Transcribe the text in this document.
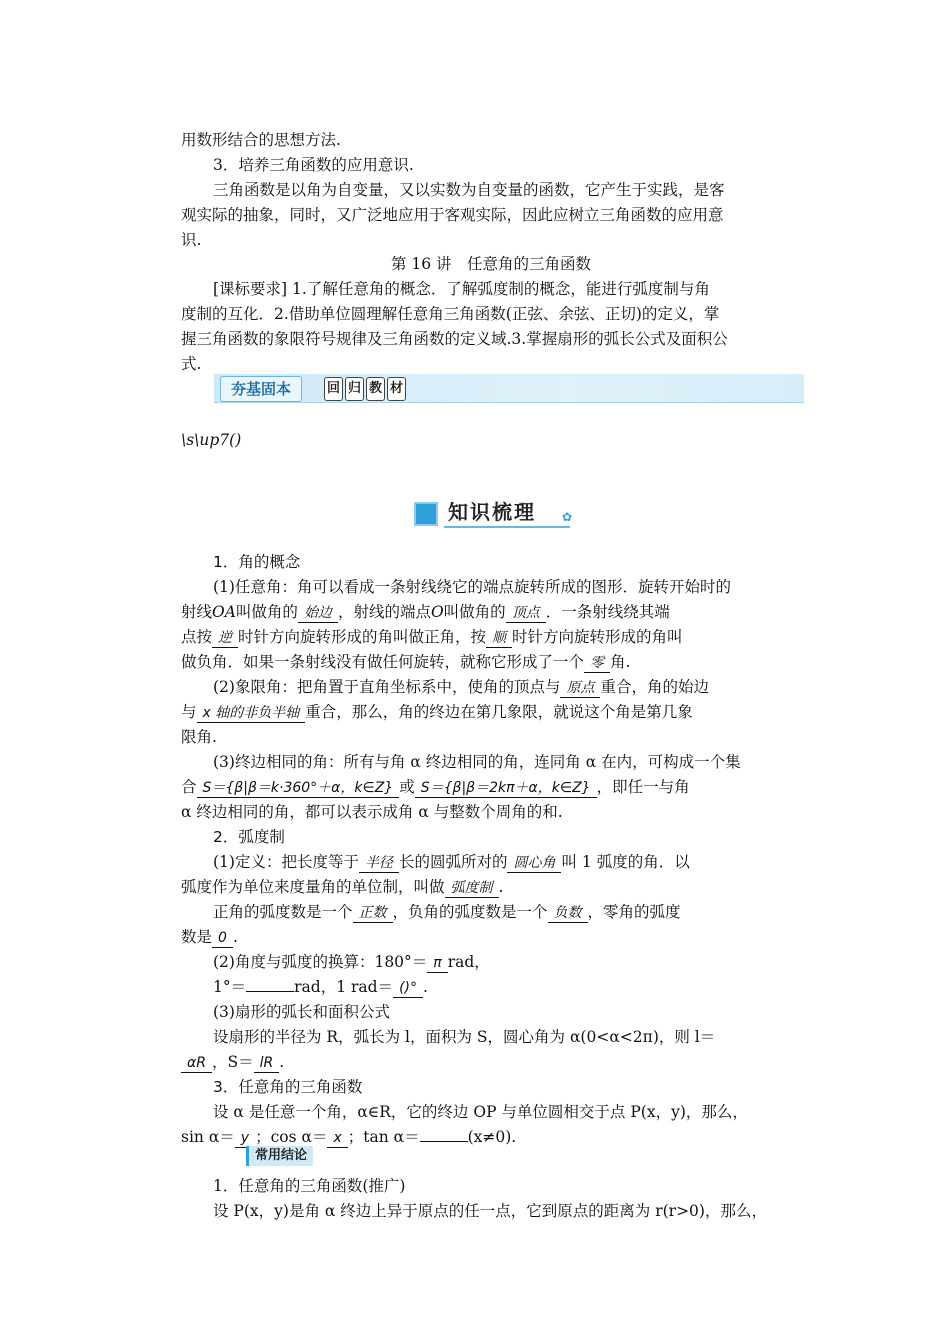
用数形结合的思想方法.
3．培养三角函数的应用意识.
三角函数是以角为自变量，又以实数为自变量的函数，它产生于实践，是客
观实际的抽象，同时，又广泛地应用于客观实际，因此应树立三角函数的应用意
识.
第 16 讲　任意角的三角函数
[课标要求] 1.了解任意角的概念．了解弧度制的概念，能进行弧度制与角
度制的互化．2.借助单位圆理解任意角三角函数(正弦、余弦、正切)的定义，掌
握三角函数的象限符号规律及三角函数的定义域.3.掌握扇形的弧长公式及面积公
式.
夯基固本	回 归 教 材
\s\up7()
知识梳理 ✿
1．角的概念
(1)任意角：角可以看成一条射线绕它的端点旋转所成的图形．旋转开始时的
射线OA叫做角的 始边 ，射线的端点O叫做角的 顶点 ．一条射线绕其端
点按 逆 时针方向旋转形成的角叫做正角，按 顺 时针方向旋转形成的角叫
做负角．如果一条射线没有做任何旋转，就称它形成了一个 零 角.
(2)象限角：把角置于直角坐标系中，使角的顶点与 原点 重合，角的始边
与 x 轴的非负半轴 重合，那么，角的终边在第几象限，就说这个角是第几象
限角.
(3)终边相同的角：所有与角 α 终边相同的角，连同角 α 在内，可构成一个集
合 S＝{β|β＝k·360°＋α，k∈Z} 或 S＝{β|β＝2kπ＋α，k∈Z} ，即任一与角
α 终边相同的角，都可以表示成角 α 与整数个周角的和.
2．弧度制
(1)定义：把长度等于 半径 长的圆弧所对的 圆心角 叫 1 弧度的角．以
弧度作为单位来度量角的单位制，叫做 弧度制 .
正角的弧度数是一个 正数 ，负角的弧度数是一个 负数 ，零角的弧度
数是 0 .
(2)角度与弧度的换算：180°＝ π rad，
1°＝	rad，1 rad＝ ()° .
(3)扇形的弧长和面积公式
设扇形的半径为 R，弧长为 l，面积为 S，圆心角为 α(0<α<2π)，则 l＝
αR ，S＝ lR .
3．任意角的三角函数
设 α 是任意一个角，α∈R，它的终边 OP 与单位圆相交于点 P(x，y)，那么，
sin α＝ y ；cos α＝ x ；tan α＝	(x≠0).
常用结论
1．任意角的三角函数(推广)
设 P(x，y)是角 α 终边上异于原点的任一点，它到原点的距离为 r(r>0)，那么，
